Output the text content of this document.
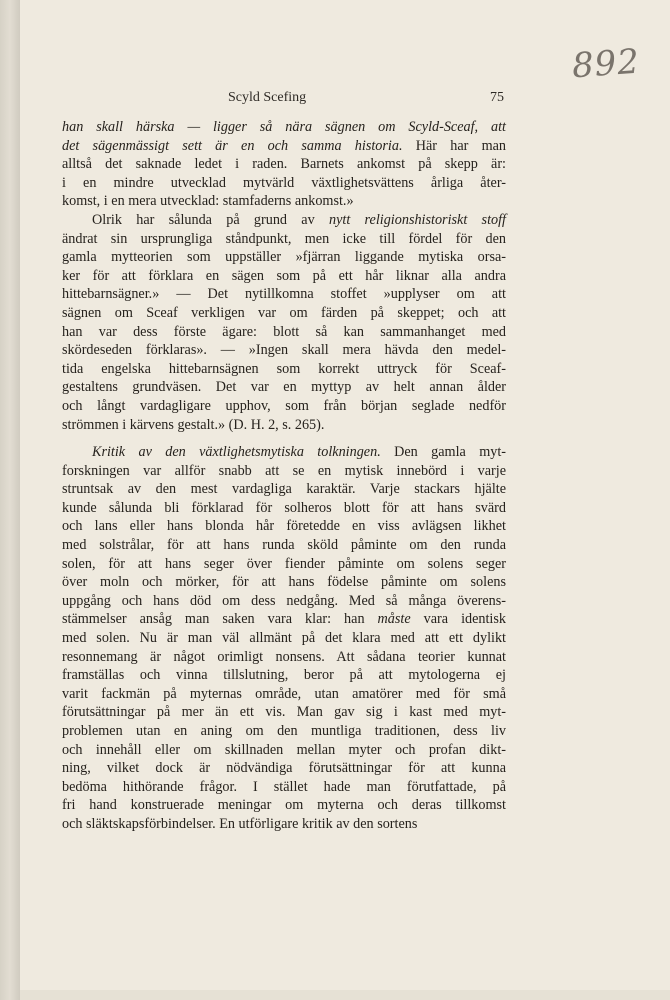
892
Scyld Scefing	75
han skall härska — ligger så nära sägnen om Scyld-Sceaf, att
det sägenmässigt sett är en och samma historia. Här har man
alltså det saknade ledet i raden. Barnets ankomst på skepp är:
i en mindre utvecklad mytvärld växtlighetsvättens årliga åter-
komst, i en mera utvecklad: stamfaderns ankomst.»
Olrik har sålunda på grund av nytt religionshistoriskt stoff
ändrat sin ursprungliga ståndpunkt, men icke till fördel för den
gamla mytteorien som uppställer »fjärran liggande mytiska orsa-
ker för att förklara en sägen som på ett hår liknar alla andra
hittebarnsägner.» — Det nytillkomna stoffet »upplyser om att
sägnen om Sceaf verkligen var om färden på skeppet; och att
han var dess förste ägare: blott så kan sammanhanget med
skördeseden förklaras». — »Ingen skall mera hävda den medel-
tida engelska hittebarnsägnen som korrekt uttryck för Sceaf-
gestaltens grundväsen. Det var en myttyp av helt annan ålder
och långt vardagligare upphov, som från början seglade nedför
strömmen i kärvens gestalt.» (D. H. 2, s. 265).
Kritik av den växtlighetsmytiska tolkningen. Den gamla myt-
forskningen var allför snabb att se en mytisk innebörd i varje
struntsak av den mest vardagliga karaktär. Varje stackars hjälte
kunde sålunda bli förklarad för solheros blott för att hans svärd
och lans eller hans blonda hår företedde en viss avlägsen likhet
med solstrålar, för att hans runda sköld påminte om den runda
solen, för att hans seger över fiender påminte om solens seger
över moln och mörker, för att hans födelse påminte om solens
uppgång och hans död om dess nedgång. Med så många överens-
stämmelser ansåg man saken vara klar: han måste vara identisk
med solen. Nu är man väl allmänt på det klara med att ett dylikt
resonnemang är något orimligt nonsens. Att sådana teorier kunnat
framställas och vinna tillslutning, beror på att mytologerna ej
varit fackmän på myternas område, utan amatörer med för små
förutsättningar på mer än ett vis. Man gav sig i kast med myt-
problemen utan en aning om den muntliga traditionen, dess liv
och innehåll eller om skillnaden mellan myter och profan dikt-
ning, vilket dock är nödvändiga förutsättningar för att kunna
bedöma hithörande frågor. I stället hade man förutfattade, på
fri hand konstruerade meningar om myterna och deras tillkomst
och släktskapsförbindelser. En utförligare kritik av den sortens
